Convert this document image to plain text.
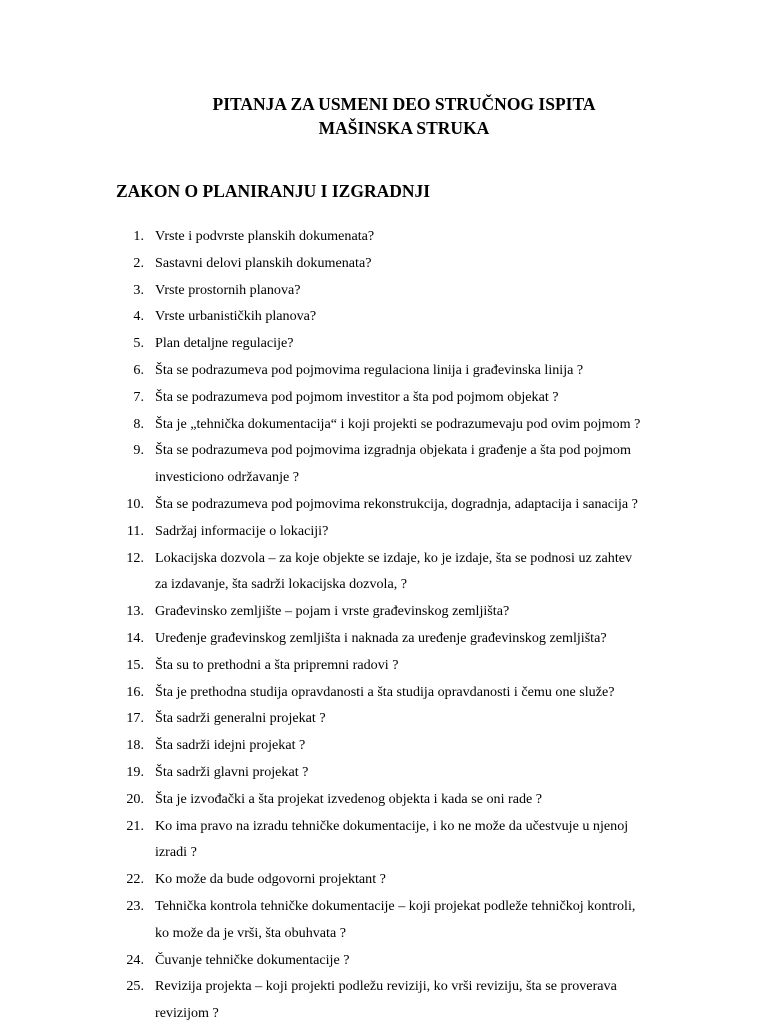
PITANJA ZA USMENI DEO STRUČNOG ISPITA
MAŠINSKA STRUKA
ZAKON O PLANIRANJU I IZGRADNJI
1. Vrste i podvrste planskih dokumenata?
2. Sastavni delovi planskih dokumenata?
3. Vrste prostornih planova?
4. Vrste urbanističkih planova?
5. Plan detaljne regulacije?
6. Šta se podrazumeva pod pojmovima regulaciona linija i građevinska linija ?
7. Šta se podrazumeva pod pojmom investitor a šta pod pojmom objekat ?
8. Šta je „tehnička dokumentacija“ i koji projekti se podrazumevaju pod ovim pojmom ?
9. Šta se podrazumeva pod pojmovima izgradnja objekata i građenje a šta pod pojmom
investiciono održavanje ?
10. Šta se podrazumeva pod pojmovima rekonstrukcija, dogradnja, adaptacija i sanacija ?
11. Sadržaj informacije o lokaciji?
12. Lokacijska dozvola – za koje objekte se izdaje, ko je izdaje, šta se podnosi uz zahtev
za izdavanje, šta sadrži lokacijska dozvola, ?
13. Građevinsko zemljište – pojam i vrste građevinskog zemljišta?
14. Uređenje građevinskog zemljišta i naknada za uređenje građevinskog zemljišta?
15. Šta su to prethodni a šta pripremni radovi ?
16. Šta je prethodna studija opravdanosti a šta studija opravdanosti i čemu one služe?
17. Šta sadrži generalni projekat ?
18. Šta sadrži idejni projekat ?
19. Šta sadrži glavni projekat ?
20. Šta je izvođački a šta projekat izvedenog objekta i kada se oni rade ?
21. Ko ima pravo na izradu tehničke dokumentacije, i ko ne može da učestvuje u njenoj
izradi ?
22. Ko može da bude odgovorni projektant ?
23. Tehnička kontrola tehničke dokumentacije – koji projekat podleže tehničkoj kontroli,
ko može da je vrši, šta obuhvata ?
24. Čuvanje tehničke dokumentacije ?
25. Revizija projekta – koji projekti podležu reviziji, ko vrši reviziju, šta se proverava
revizijom ?
